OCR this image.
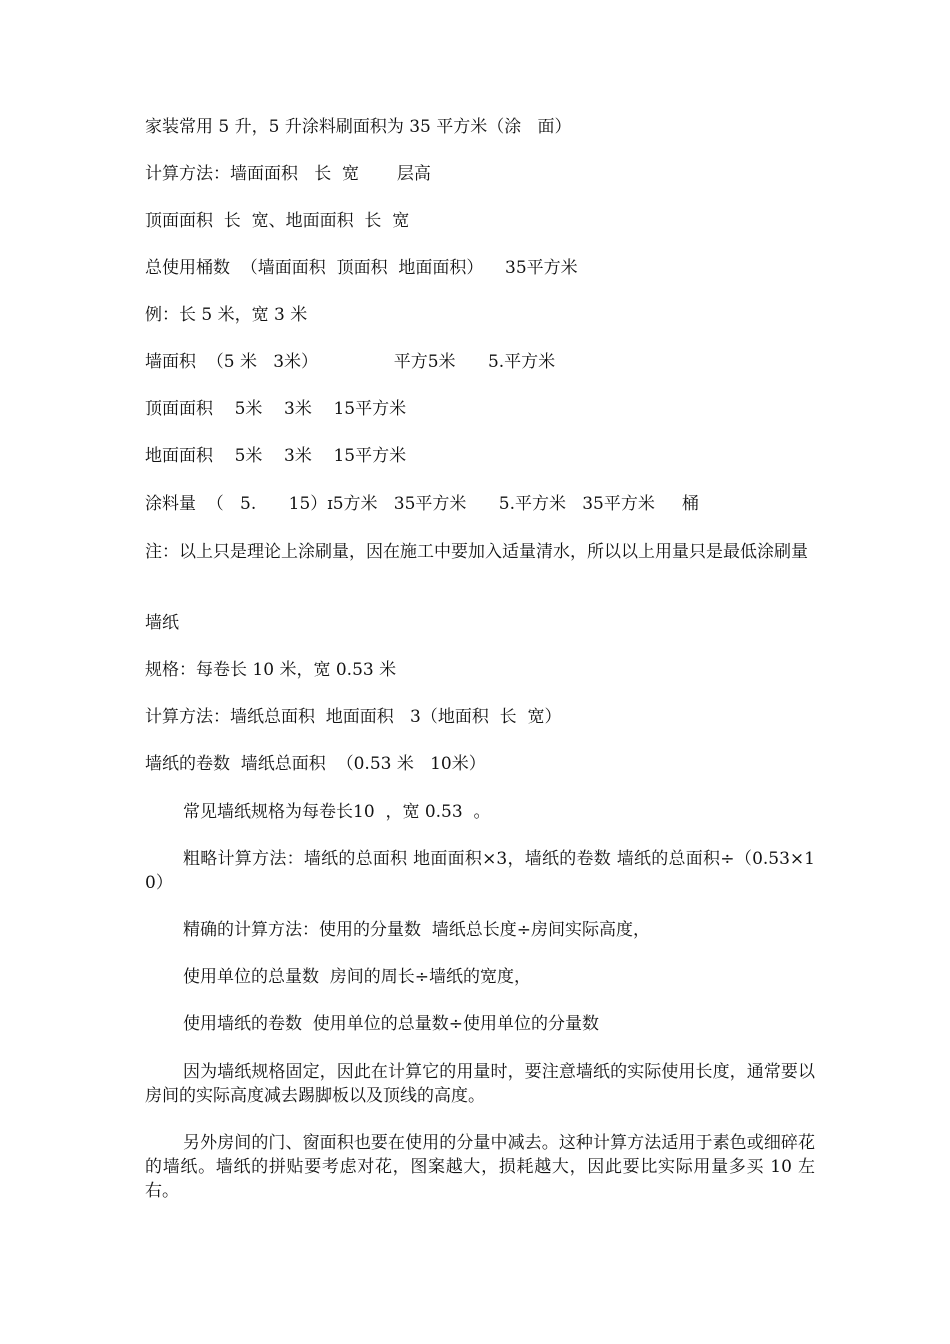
家装常用 5 升，5 升涂料刷面积为 35 平方米（涂   面）

计算方法：墙面面积   长  宽       层高

顶面面积  长  宽、地面面积  长  宽

总使用桶数  （墙面面积  顶面积  地面面积）    35平方米

例：长 5 米，宽 3 米

墙面积  （5 米   3米）              平方5米      5.平方米

顶面面积    5米    3米    15平方米

地面面积    5米    3米    15平方米

涂料量  （   5.      15）ɪ5方米   35平方米      5.平方米   35平方米     桶

注：以上只是理论上涂刷量，因在施工中要加入适量清水，所以以上用量只是最低涂刷量

墙纸

规格：每卷长 10 米，宽 0.53 米

计算方法：墙纸总面积  地面面积   3（地面积  长  宽）

墙纸的卷数  墙纸总面积  （0.53 米   10米）

常见墙纸规格为每卷长10  ，宽 0.53  。

粗略计算方法：墙纸的总面积 地面面积×3，墙纸的卷数 墙纸的总面积÷（0.53×10）

精确的计算方法：使用的分量数  墙纸总长度÷房间实际高度，

使用单位的总量数  房间的周长÷墙纸的宽度，

使用墙纸的卷数  使用单位的总量数÷使用单位的分量数

因为墙纸规格固定，因此在计算它的用量时，要注意墙纸的实际使用长度，通常要以房间的实际高度减去踢脚板以及顶线的高度。

另外房间的门、窗面积也要在使用的分量中减去。这种计算方法适用于素色或细碎花的墙纸。墙纸的拼贴要考虑对花，图案越大，损耗越大，因此要比实际用量多买 10 左右。
